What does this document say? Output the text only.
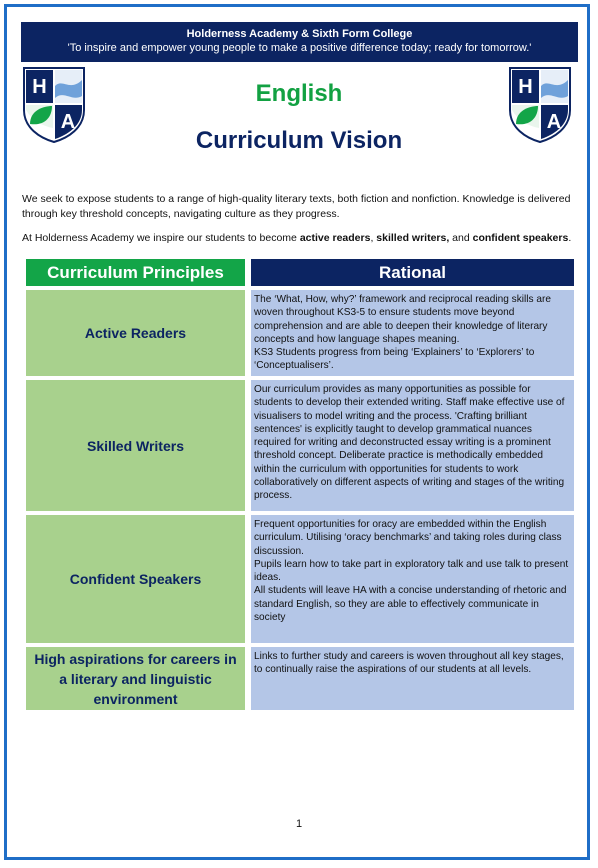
Holderness Academy & Sixth Form College
'To inspire and empower young people to make a positive difference today; ready for tomorrow.'
H
A
H
A
English
Curriculum Vision
We seek to expose students to a range of high-quality literary texts, both fiction and nonfiction. Knowledge is delivered through key threshold concepts, navigating culture as they progress.
At Holderness Academy we inspire our students to become active readers, skilled writers, and confident speakers.
Curriculum Principles	Rational
Active Readers
The ‘What, How, why?’ framework and reciprocal reading skills are woven throughout KS3-5 to ensure students move beyond comprehension and are able to deepen their knowledge of literary concepts and how language shapes meaning.
KS3 Students progress from being ‘Explainers’ to ‘Explorers’ to ‘Conceptualisers’.
Skilled Writers
Our curriculum provides as many opportunities as possible for students to develop their extended writing. Staff make effective use of visualisers to model writing and the process. 'Crafting brilliant sentences' is explicitly taught to develop grammatical nuances required for writing and deconstructed essay writing is a prominent threshold concept. Deliberate practice is methodically embedded within the curriculum with opportunities for students to work collaboratively on different aspects of writing and stages of the writing process.
Confident Speakers
Frequent opportunities for oracy are embedded within the English curriculum. Utilising ‘oracy benchmarks’ and taking roles during class discussion.
Pupils learn how to take part in exploratory talk and use talk to present ideas.
All students will leave HA with a concise understanding of rhetoric and standard English, so they are able to effectively communicate in society
High aspirations for careers in a literary and linguistic environment
Links to further study and careers is woven throughout all key stages, to continually raise the aspirations of our students at all levels.
1
